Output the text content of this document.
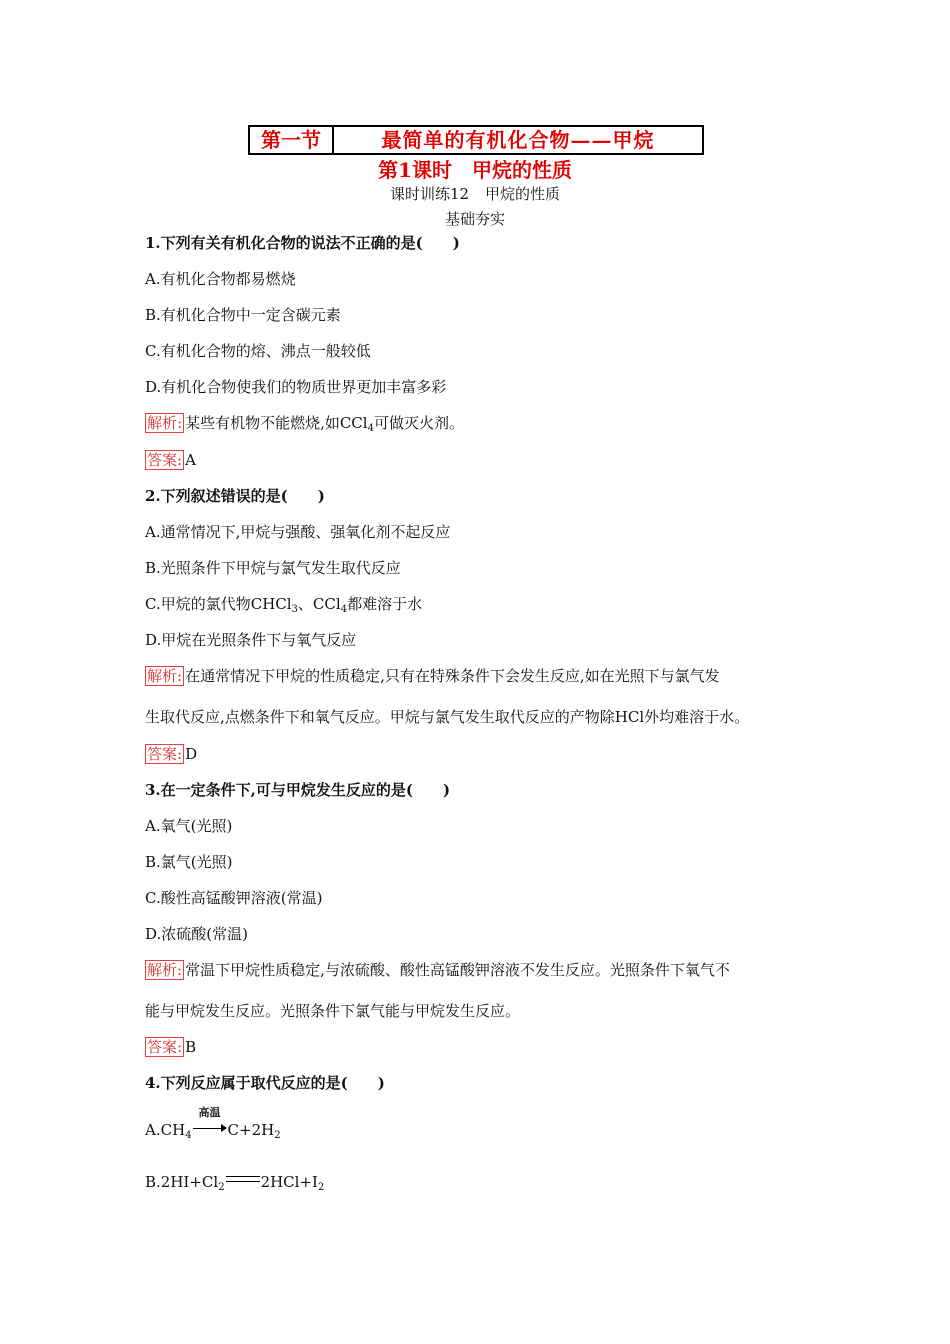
第一节	最简单的有机化合物——甲烷
第1课时　甲烷的性质
课时训练12 甲烷的性质
基础夯实
1.下列有关有机化合物的说法不正确的是(　　)
A.有机化合物都易燃烧
B.有机化合物中一定含碳元素
C.有机化合物的熔、沸点一般较低
D.有机化合物使我们的物质世界更加丰富多彩
解析: 某些有机物不能燃烧,如CCl$_4$可做灭火剂。
答案: A
2.下列叙述错误的是(　　)
A.通常情况下,甲烷与强酸、强氧化剂不起反应
B.光照条件下甲烷与氯气发生取代反应
C.甲烷的氯代物CHCl$_3$、CCl$_4$都难溶于水
D.甲烷在光照条件下与氧气反应
解析: 在通常情况下甲烷的性质稳定,只有在特殊条件下会发生反应,如在光照下与氯气发
生取代反应,点燃条件下和氧气反应。甲烷与氯气发生取代反应的产物除HCl外均难溶于水。
答案: D
3.在一定条件下,可与甲烷发生反应的是(　　)
A.氧气(光照)
B.氯气(光照)
C.酸性高锰酸钾溶液(常温)
D.浓硫酸(常温)
解析: 常温下甲烷性质稳定,与浓硫酸、酸性高锰酸钾溶液不发生反应。光照条件下氧气不
能与甲烷发生反应。光照条件下氯气能与甲烷发生反应。
答案: B
4.下列反应属于取代反应的是(　　)
$A.CH_4$
高温
$C+2H_2$
$B.2HI+Cl_2$ $2HCl+I_2$
